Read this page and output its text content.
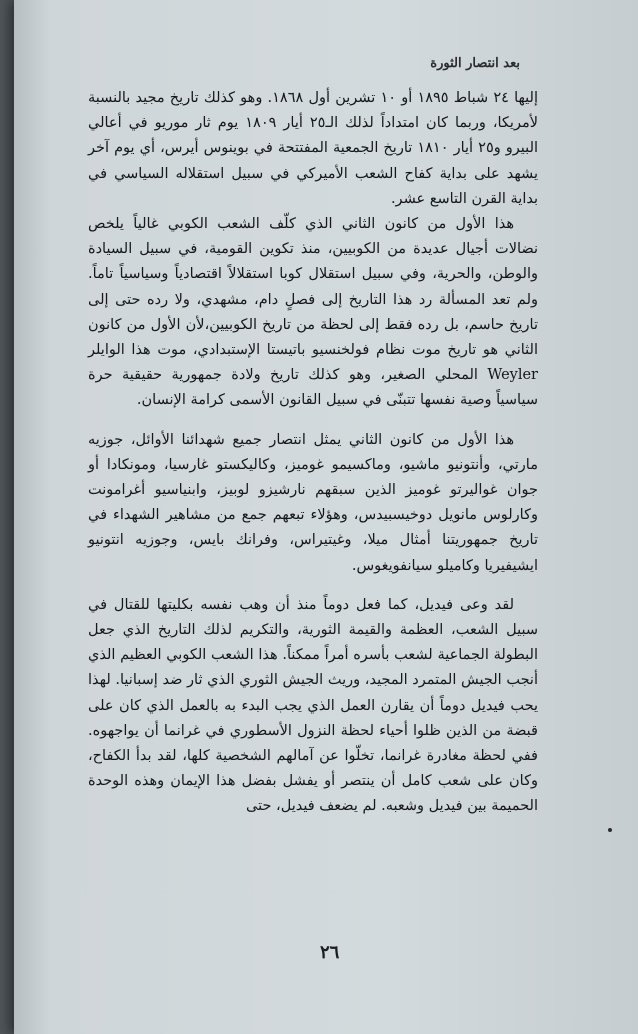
بعد انتصار الثورة

إليها ٢٤ شباط ١٨٩٥ أو ١٠ تشرين أول ١٨٦٨. وهو كذلك تاريخ مجيد بالنسبة لأمريكا، وربما كان امتداداً لذلك الـ٢٥ أيار ١٨٠٩ يوم ثار موريو في أعالي البيرو و٢٥ أيار ١٨١٠ تاريخ الجمعية المفتتحة في بوينوس أيرس، أي يوم آخر يشهد على بداية كفاح الشعب الأميركي في سبيل استقلاله السياسي في بداية القرن التاسع عشر.

هذا الأول من كانون الثاني الذي كلّف الشعب الكوبي غالياً يلخص نضالات أجيال عديدة من الكوبيين، منذ تكوين القومية، في سبيل السيادة والوطن، والحرية، وفي سبيل استقلال كوبا استقلالاً اقتصادياً وسياسياً تاماً. ولم تعد المسألة رد هذا التاريخ إلى فصلٍ دام، مشهدي، ولا رده حتى إلى تاريخ حاسم، بل رده فقط إلى لحظة من تاريخ الكوبيين،لأن الأول من كانون الثاني هو تاريخ موت نظام فولخنسيو باتيستا الإستبدادي، موت هذا الوايلر Weyler المحلي الصغير، وهو كذلك تاريخ ولادة جمهورية حقيقية حرة سياسياً وصية نفسها تتبنّى في سبيل القانون الأسمى كرامة الإنسان.

هذا الأول من كانون الثاني يمثل انتصار جميع شهدائنا الأوائل، جوزيه مارتي، وأنتونيو ماشيو، وماكسيمو غوميز، وكاليكستو غارسيا، ومونكادا أو جوان غواليرتو غوميز الذين سبقهم نارشيزو لوبيز، وابنياسيو أغرامونت وكارلوس مانويل دوخيسبيدس، وهؤلاء تبعهم جمع من مشاهير الشهداء في تاريخ جمهوريتنا أمثال ميلا، وغيتيراس، وفرانك بايس، وجوزيه انتونيو ايشيفيريا وكاميلو سيانفويغوس.

لقد وعى فيديل، كما فعل دوماً منذ أن وهب نفسه بكليتها للقتال في سبيل الشعب، العظمة والقيمة الثورية، والتكريم لذلك التاريخ الذي جعل البطولة الجماعية لشعب بأسره أمراً ممكناً. هذا الشعب الكوبي العظيم الذي أنجب الجيش المتمرد المجيد، وريث الجيش الثوري الذي ثار ضد إسبانيا. لهذا يحب فيديل دوماً أن يقارن العمل الذي يجب البدء به بالعمل الذي كان على قبضة من الذين ظلوا أحياء لحظة النزول الأسطوري في غرانما أن يواجهوه. ففي لحظة مغادرة غرانما، تخلّوا عن آمالهم الشخصية كلها، لقد بدأ الكفاح، وكان على شعب كامل أن ينتصر أو يفشل بفضل هذا الإيمان وهذه الوحدة الحميمة بين فيديل وشعبه. لم يضعف فيديل، حتى

٢٦
